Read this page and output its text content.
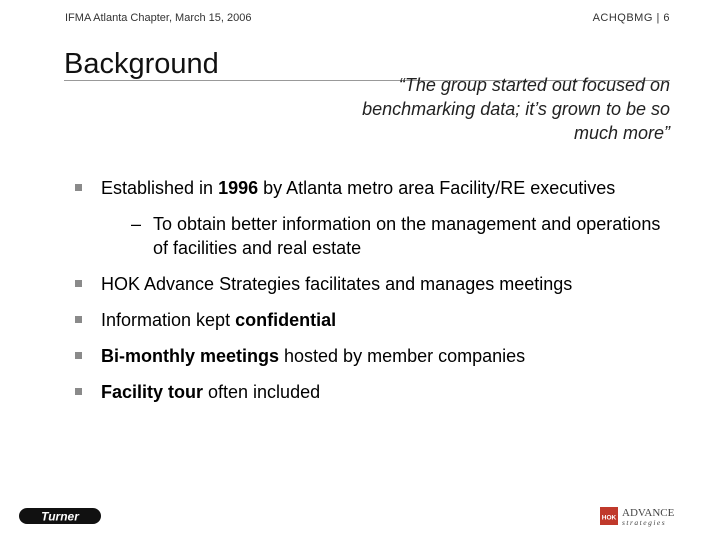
IFMA Atlanta Chapter, March 15, 2006	ACHQBMG | 6
Background
“The group started out focused on
benchmarking data; it’s grown to be so
much more”
Established in 1996 by Atlanta metro area Facility/RE executives
– To obtain better information on the management and operations of facilities and real estate
HOK Advance Strategies facilitates and manages meetings
Information kept confidential
Bi-monthly meetings hosted by member companies
Facility tour often included
Turner	HOK ADVANCE
strategies
